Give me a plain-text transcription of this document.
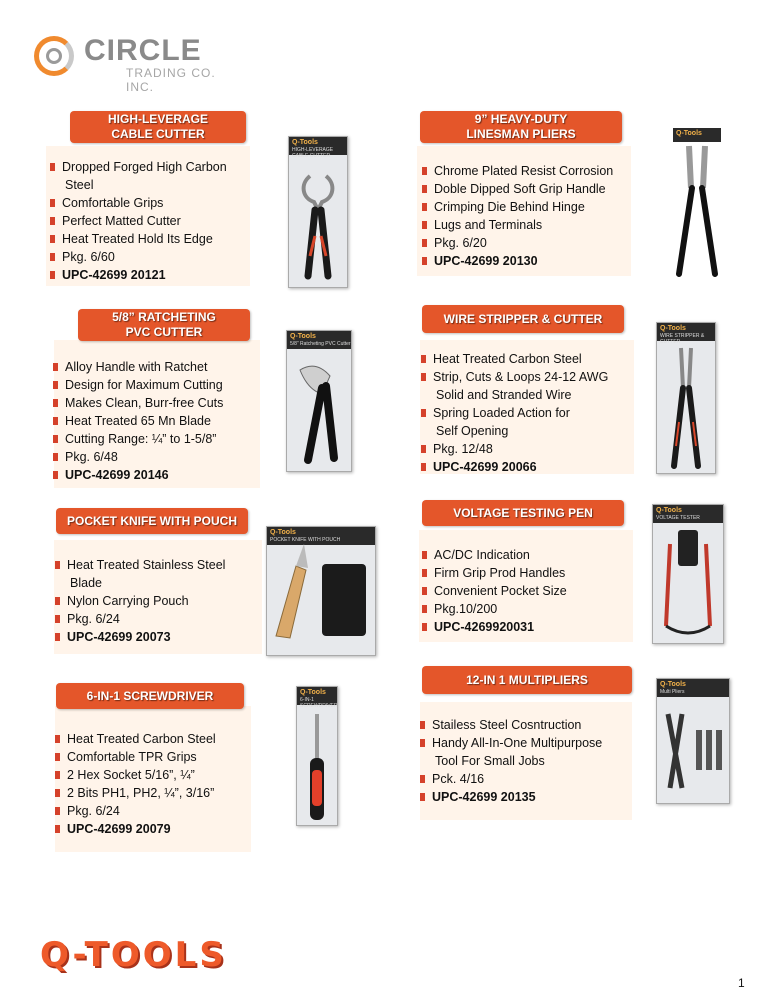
CIRCLE
TRADING CO. INC.
HIGH-LEVERAGE
CABLE CUTTER
Dropped Forged High Carbon
Steel
Comfortable Grips
Perfect Matted Cutter
Heat Treated Hold Its Edge
Pkg. 6/60
UPC-42699 20121
Q-Tools
HIGH-LEVERAGE CABLE CUTTER
9” HEAVY-DUTY
LINESMAN PLIERS
Chrome Plated Resist Corrosion
Doble Dipped Soft Grip Handle
Crimping Die Behind Hinge
Lugs and Terminals
Pkg. 6/20
UPC-42699 20130
Q-Tools
5/8” RATCHETING
PVC CUTTER
Alloy Handle with Ratchet
Design for Maximum Cutting
Makes Clean, Burr-free Cuts
Heat Treated 65 Mn Blade
Cutting Range: ¼” to 1-5/8”
Pkg. 6/48
UPC-42699 20146
Q-Tools
5/8” Ratcheting PVC Cutter
WIRE STRIPPER & CUTTER
Heat Treated Carbon Steel
Strip, Cuts & Loops 24-12 AWG
Solid and Stranded Wire
Spring Loaded Action for
Self Opening
Pkg. 12/48
UPC-42699 20066
Q-Tools
WIRE STRIPPER & CUTTER
POCKET KNIFE WITH POUCH
Heat Treated Stainless Steel
Blade
Nylon Carrying Pouch
Pkg. 6/24
UPC-42699 20073
Q-Tools
POCKET KNIFE WITH POUCH
VOLTAGE TESTING PEN
AC/DC Indication
Firm Grip Prod Handles
Convenient Pocket Size
Pkg.10/200
UPC-4269920031
Q-Tools
VOLTAGE TESTER
6-IN-1 SCREWDRIVER
Heat Treated Carbon Steel
Comfortable TPR Grips
2 Hex Socket 5/16”, ¼”
2 Bits PH1, PH2, ¼”, 3/16”
Pkg. 6/24
UPC-42699 20079
Q-Tools
6-IN-1 SCREWDRIVER
12-IN 1 MULTIPLIERS
Stailess Steel Cosntruction
Handy All-In-One Multipurpose
Tool For Small Jobs
Pck. 4/16
UPC-42699 20135
Q-Tools
Multi Pliers
Q-TOOLS
1
